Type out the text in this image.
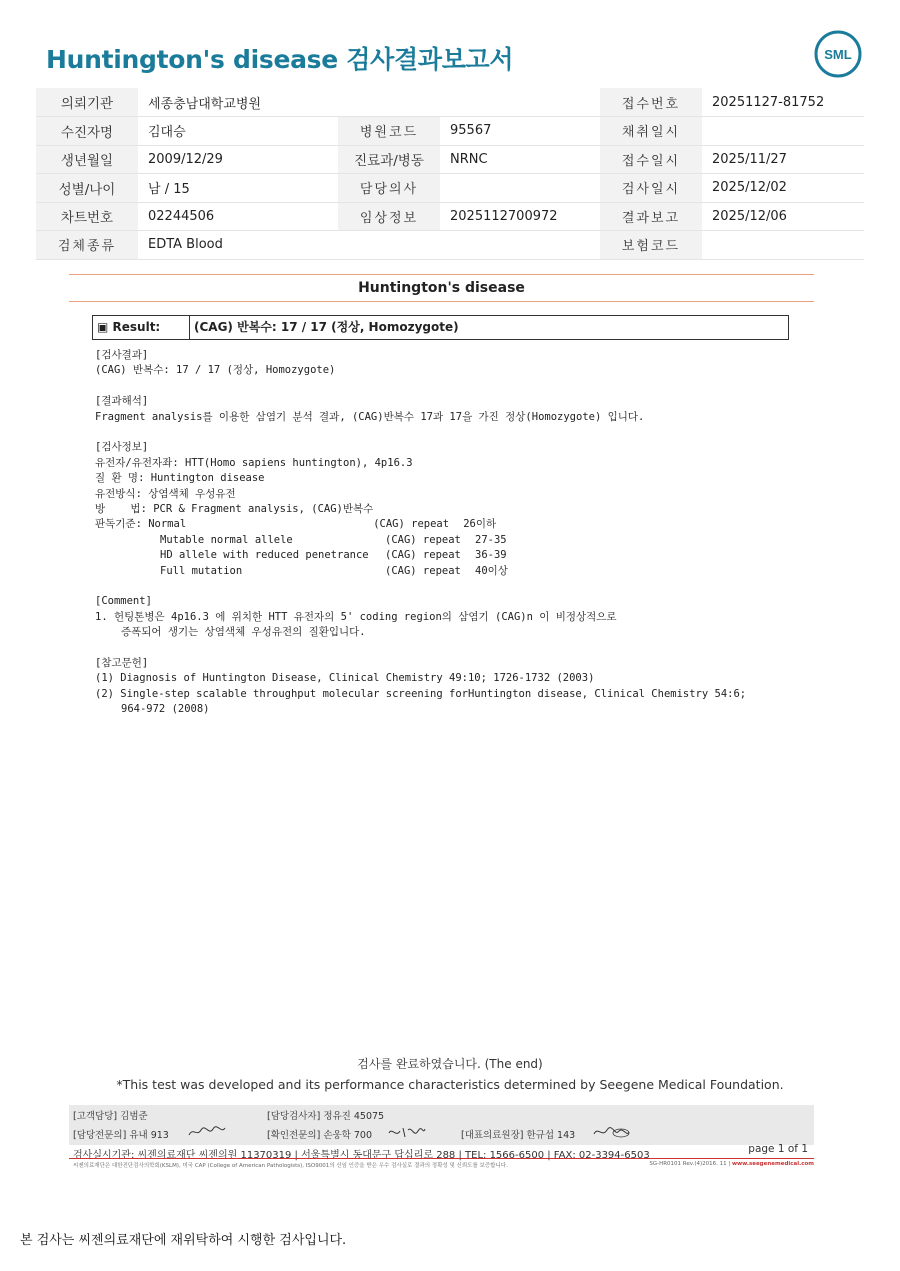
Huntington's disease 검사결과보고서	SML
의뢰기관	세종충남대학교병원			접수번호	20251127-81752
수진자명	김대승	병원코드	95567	채취일시	
생년월일	2009/12/29	진료과/병동	NRNC	접수일시	2025/11/27
성별/나이	남 / 15	담당의사		검사일시	2025/12/02
차트번호	02244506	임상정보	2025112700972	결과보고	2025/12/06
검체종류	EDTA Blood			보험코드	
Huntington's disease
▣ Result:	(CAG) 반복수: 17 / 17 (정상, Homozygote)
[검사결과]
(CAG) 반복수: 17 / 17 (정상, Homozygote)
[결과해석]
Fragment analysis를 이용한 삼염기 분석 결과, (CAG)반복수 17과 17을 가진 정상(Homozygote) 입니다.
[검사정보]
유전자/유전자좌: HTT(Homo sapiens huntington), 4p16.3
질 환 명: Huntington disease
유전방식: 상염색체 우성유전
방    법: PCR & Fragment analysis, (CAG)반복수
판독기준: Normal	(CAG) repeat	26이하
Mutable normal allele	(CAG) repeat	27-35
HD allele with reduced penetrance	(CAG) repeat	36-39
Full mutation	(CAG) repeat	40이상
[Comment]
1. 헌팅톤병은 4p16.3 에 위치한 HTT 유전자의 5' coding region의 삼염기 (CAG)n 이 비정상적으로
증폭되어 생기는 상염색체 우성유전의 질환입니다.
[참고문헌]
(1) Diagnosis of Huntington Disease, Clinical Chemistry 49:10; 1726-1732 (2003)
(2) Single-step scalable throughput molecular screening forHuntington disease, Clinical Chemistry 54:6;
964-972 (2008)
검사를 완료하였습니다. (The end)
*This test was developed and its performance characteristics determined by Seegene Medical Foundation.
[고객담당] 김범준	[담당검사자] 정유진 45075
[담당전문의] 유내 913	[확인전문의] 손웅학 700	[대표의료원장] 한규섭 143
검사실시기관: 씨젠의료재단 씨젠의원 11370319 | 서울특별시 동대문구 답십리로 288 | TEL: 1566-6500 | FAX: 02-3394-6503
page 1 of 1
씨젠의료재단은 대한진단검사의학회(KSLM), 미국 CAP (College of American Pathologists), ISO9001의 신임 인증을 받은 우수 검사실로 결과의 정확성 및 신뢰도를 보증합니다.	SG-HR0101 Rev.(4)2016. 11 | www.seegenemedical.com
본 검사는 씨젠의료재단에 재위탁하여 시행한 검사입니다.
